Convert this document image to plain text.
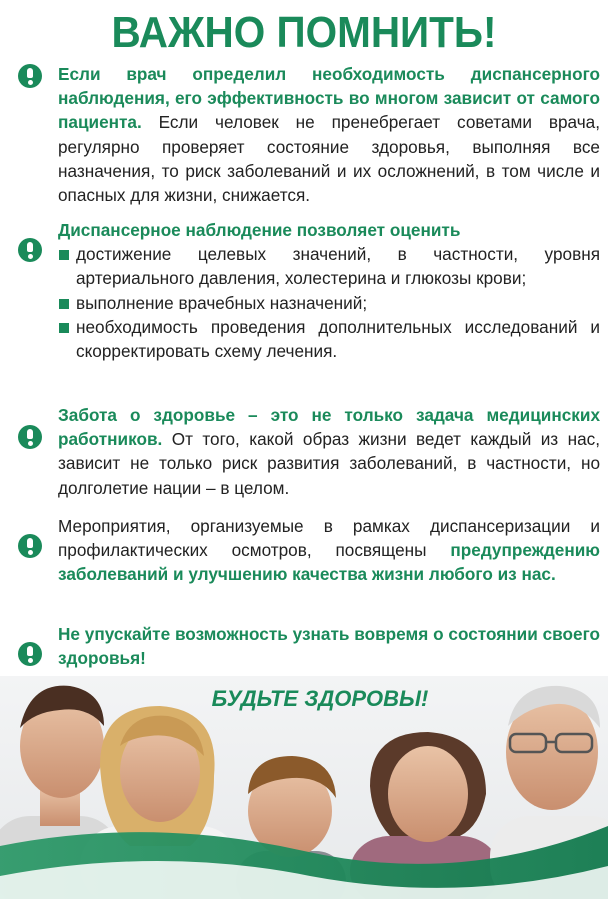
ВАЖНО ПОМНИТЬ!
Если врач определил необходимость диспансерного наблюдения, его эффективность во многом зависит от самого пациента. Если человек не пренебрегает советами врача, регулярно проверяет состояние здоровья, выполняя все назначения, то риск заболеваний и их осложнений, в том числе и опасных для жизни, снижается.
Диспансерное наблюдение позволяет оценить
достижение целевых значений, в частности, уровня артериального давления, холестерина и глюкозы крови;
выполнение врачебных назначений;
необходимость проведения дополнительных исследований и скорректировать схему лечения.
Забота о здоровье – это не только задача медицинских работников. От того, какой образ жизни ведет каждый из нас, зависит не только риск развития заболеваний, в частности, но долголетие нации – в целом.
Мероприятия, организуемые в рамках диспансеризации и профилактических осмотров, посвящены предупреждению заболеваний и улучшению качества жизни любого из нас.
Не упускайте возможность узнать вовремя о состоянии своего здоровья!
БУДЬТЕ ЗДОРОВЫ!
